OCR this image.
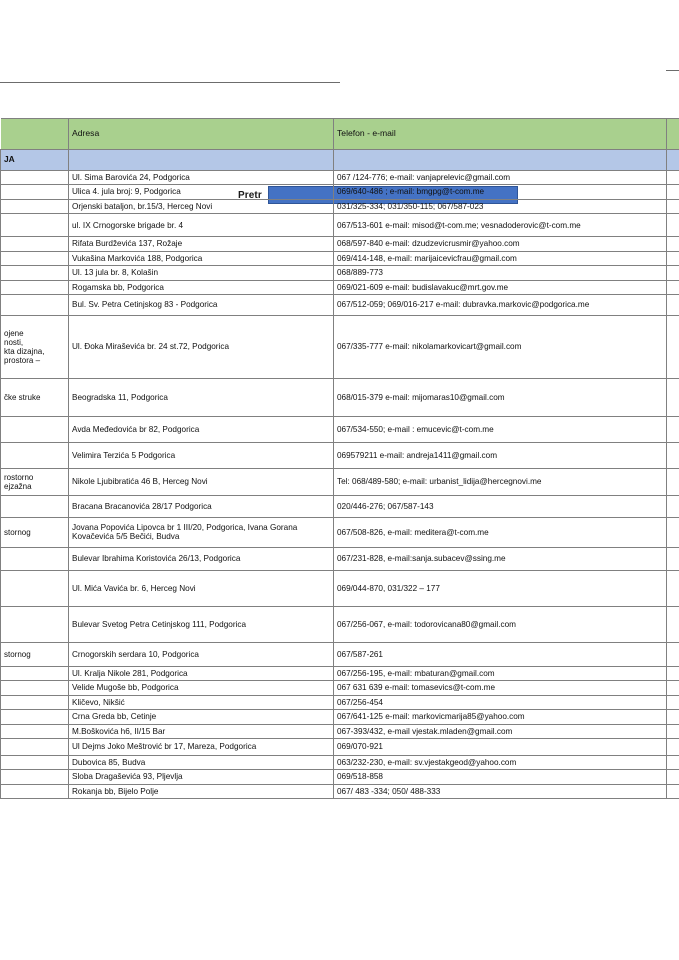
Pretr
	Adresa	Telefon - e-mail	
JA			
	Ul. Sima Barovića 24, Podgorica	067 /124-776; e-mail: vanjaprelevic@gmail.com	
	Ulica 4. jula broj: 9, Podgorica	069/640-486 ; e-mail: bmgpg@t-com.me	
	Orjenski bataljon, br.15/3, Herceg Novi	031/325-334; 031/350-115; 067/587-023	
	ul. IX Crnogorske brigade br. 4	067/513-601 e-mail: misod@t-com.me; vesnadoderovic@t-com.me	
	Rifata Burdževića 137, Rožaje	068/597-840 e-mail: dzudzevicrusmir@yahoo.com	
	Vukašina Markovića 188, Podgorica	069/414-148, e-mail: marijaicevicfrau@gmail.com	
	Ul. 13 jula br. 8, Kolašin	068/889-773	
	Rogamska bb, Podgorica	069/021-609 e-mail: budislavakuc@mrt.gov.me	
	Bul. Sv. Petra Cetinjskog 83 - Podgorica	067/512-059; 069/016-217 e-mail: dubravka.markovic@podgorica.me	
ojene
nosti,
kta dizajna,
prostora –	Ul. Đoka Miraševića br. 24 st.72, Podgorica	067/335-777 e-mail: nikolamarkovicart@gmail.com	
čke struke	Beogradska 11, Podgorica	068/015-379 e-mail: mijomaras10@gmail.com	
	Avda Međedovića br 82, Podgorica	067/534-550; e-mail : emucevic@t-com.me	
	Velimira Terzića 5 Podgorica	069579211 e-mail: andreja1411@gmail.com	
rostorno
ejzažna	Nikole Ljubibratića 46 B, Herceg Novi	Tel: 068/489-580; e-mail: urbanist_lidija@hercegnovi.me	
	Bracana Bracanovića 28/17 Podgorica	020/446-276; 067/587-143	
stornog	Jovana Popovića Lipovca br 1 III/20, Podgorica, Ivana Gorana Kovačevića 5/5 Bečići, Budva	067/508-826, e-mail: meditera@t-com.me	
	Bulevar Ibrahima Koristovića 26/13, Podgorica	067/231-828, e-mail:sanja.subacev@ssing.me	
	Ul. Mića Vavića br. 6, Herceg Novi	069/044-870, 031/322 – 177	
	Bulevar Svetog Petra Cetinjskog 111, Podgorica	067/256-067, e-mail: todorovicana80@gmail.com	
stornog	Crnogorskih serdara 10, Podgorica	067/587-261	
	Ul. Kralja Nikole 281, Podgorica	067/256-195, e-mail: mbaturan@gmail.com	
	Velide Mugoše bb, Podgorica	067 631 639 e-mail: tomasevics@t-com.me	
	Kličevo, Nikšić	067/256-454	
	Crna Greda bb, Cetinje	067/641-125 e-mail: markovicmarija85@yahoo.com	
	M.Boškovića h6, II/15 Bar	067-393/432, e-mail vjestak.mladen@gmail.com	
	Ul Dejms Joko Meštrović br 17, Mareza, Podgorica	069/070-921	
	Dubovica 85, Budva	063/232-230, e-mail: sv.vjestakgeod@yahoo.com	
	Sloba Dragaševića 93, Pljevlja	069/518-858	
	Rokanja bb, Bijelo Polje	067/ 483 -334; 050/ 488-333	
